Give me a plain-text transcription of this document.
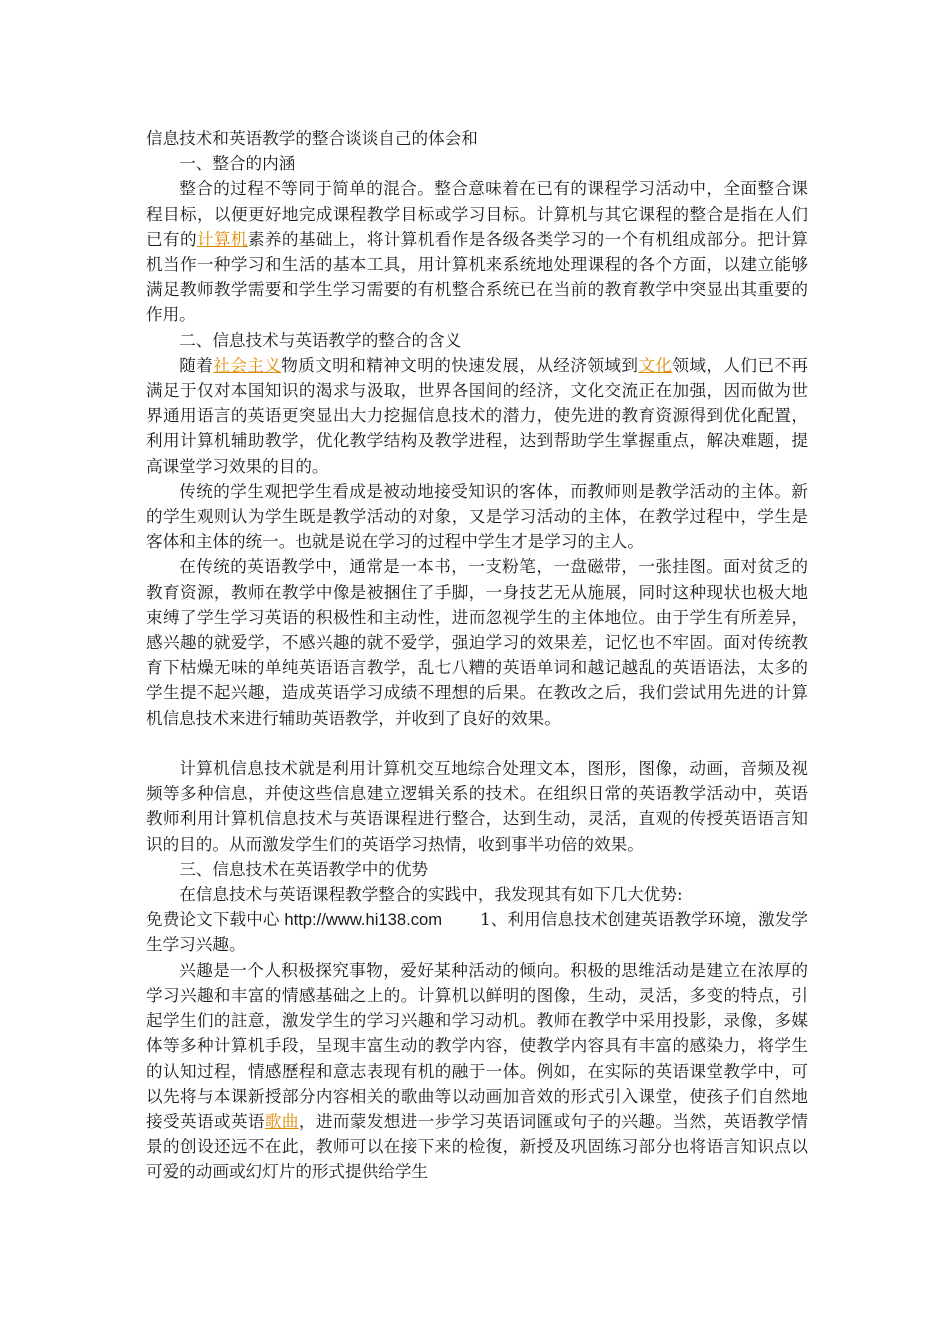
信息技术和英语教学的整合谈谈自己的体会和

一、整合的内涵

整合的过程不等同于简单的混合。整合意味着在已有的课程学习活动中，全面整合课程目标，以便更好地完成课程教学目标或学习目标。计算机与其它课程的整合是指在人们已有的计算机素养的基础上，将计算机看作是各级各类学习的一个有机组成部分。把计算机当作一种学习和生活的基本工具，用计算机来系统地处理课程的各个方面，以建立能够满足教师教学需要和学生学习需要的有机整合系统已在当前的教育教学中突显出其重要的作用。

二、信息技术与英语教学的整合的含义

随着社会主义物质文明和精神文明的快速发展，从经济领域到文化领域，人们已不再满足于仅对本国知识的渴求与汲取，世界各国间的经济，文化交流正在加强，因而做为世界通用语言的英语更突显出大力挖掘信息技术的潜力，使先进的教育资源得到优化配置，利用计算机辅助教学，优化教学结构及教学进程，达到帮助学生掌握重点，解决难题，提高课堂学习效果的目的。

传统的学生观把学生看成是被动地接受知识的客体，而教师则是教学活动的主体。新的学生观则认为学生既是教学活动的对象，又是学习活动的主体，在教学过程中，学生是客体和主体的统一。也就是说在学习的过程中学生才是学习的主人。

在传统的英语教学中，通常是一本书，一支粉笔，一盘磁带，一张挂图。面对贫乏的教育资源，教师在教学中像是被捆住了手脚，一身技艺无从施展，同时这种现状也极大地束缚了学生学习英语的积极性和主动性，进而忽视学生的主体地位。由于学生有所差异，感兴趣的就爱学，不感兴趣的就不爱学，强迫学习的效果差，记忆也不牢固。面对传统教育下枯燥无味的单纯英语语言教学，乱七八糟的英语单词和越记越乱的英语语法，太多的学生提不起兴趣，造成英语学习成绩不理想的后果。在教改之后，我们尝试用先进的计算机信息技术来进行辅助英语教学，并收到了良好的效果。

计算机信息技术就是利用计算机交互地综合处理文本，图形，图像，动画，音频及视频等多种信息，并使这些信息建立逻辑关系的技术。在组织日常的英语教学活动中，英语教师利用计算机信息技术与英语课程进行整合，达到生动，灵活，直观的传授英语语言知识的目的。从而激发学生们的英语学习热情，收到事半功倍的效果。

三、信息技术在英语教学中的优势

在信息技术与英语课程教学整合的实践中，我发现其有如下几大优势:

免费论文下载中心 http://www.hi138.com 1、利用信息技术创建英语教学环境，激发学生学习兴趣。

兴趣是一个人积极探究事物，爱好某种活动的倾向。积极的思维活动是建立在浓厚的学习兴趣和丰富的情感基础之上的。计算机以鲜明的图像，生动，灵活，多变的特点，引起学生们的註意，激发学生的学习兴趣和学习动机。教师在教学中采用投影，录像，多媒体等多种计算机手段，呈现丰富生动的教学内容，使教学内容具有丰富的感染力，将学生的认知过程，情感歷程和意志表现有机的融于一体。例如，在实际的英语课堂教学中，可以先将与本课新授部分内容相关的歌曲等以动画加音效的形式引入课堂，使孩子们自然地接受英语或英语歌曲，进而蒙发想进一步学习英语词匯或句子的兴趣。当然，英语教学情景的创设还远不在此，教师可以在接下来的检復，新授及巩固练习部分也将语言知识点以可爱的动画或幻灯片的形式提供给学生
